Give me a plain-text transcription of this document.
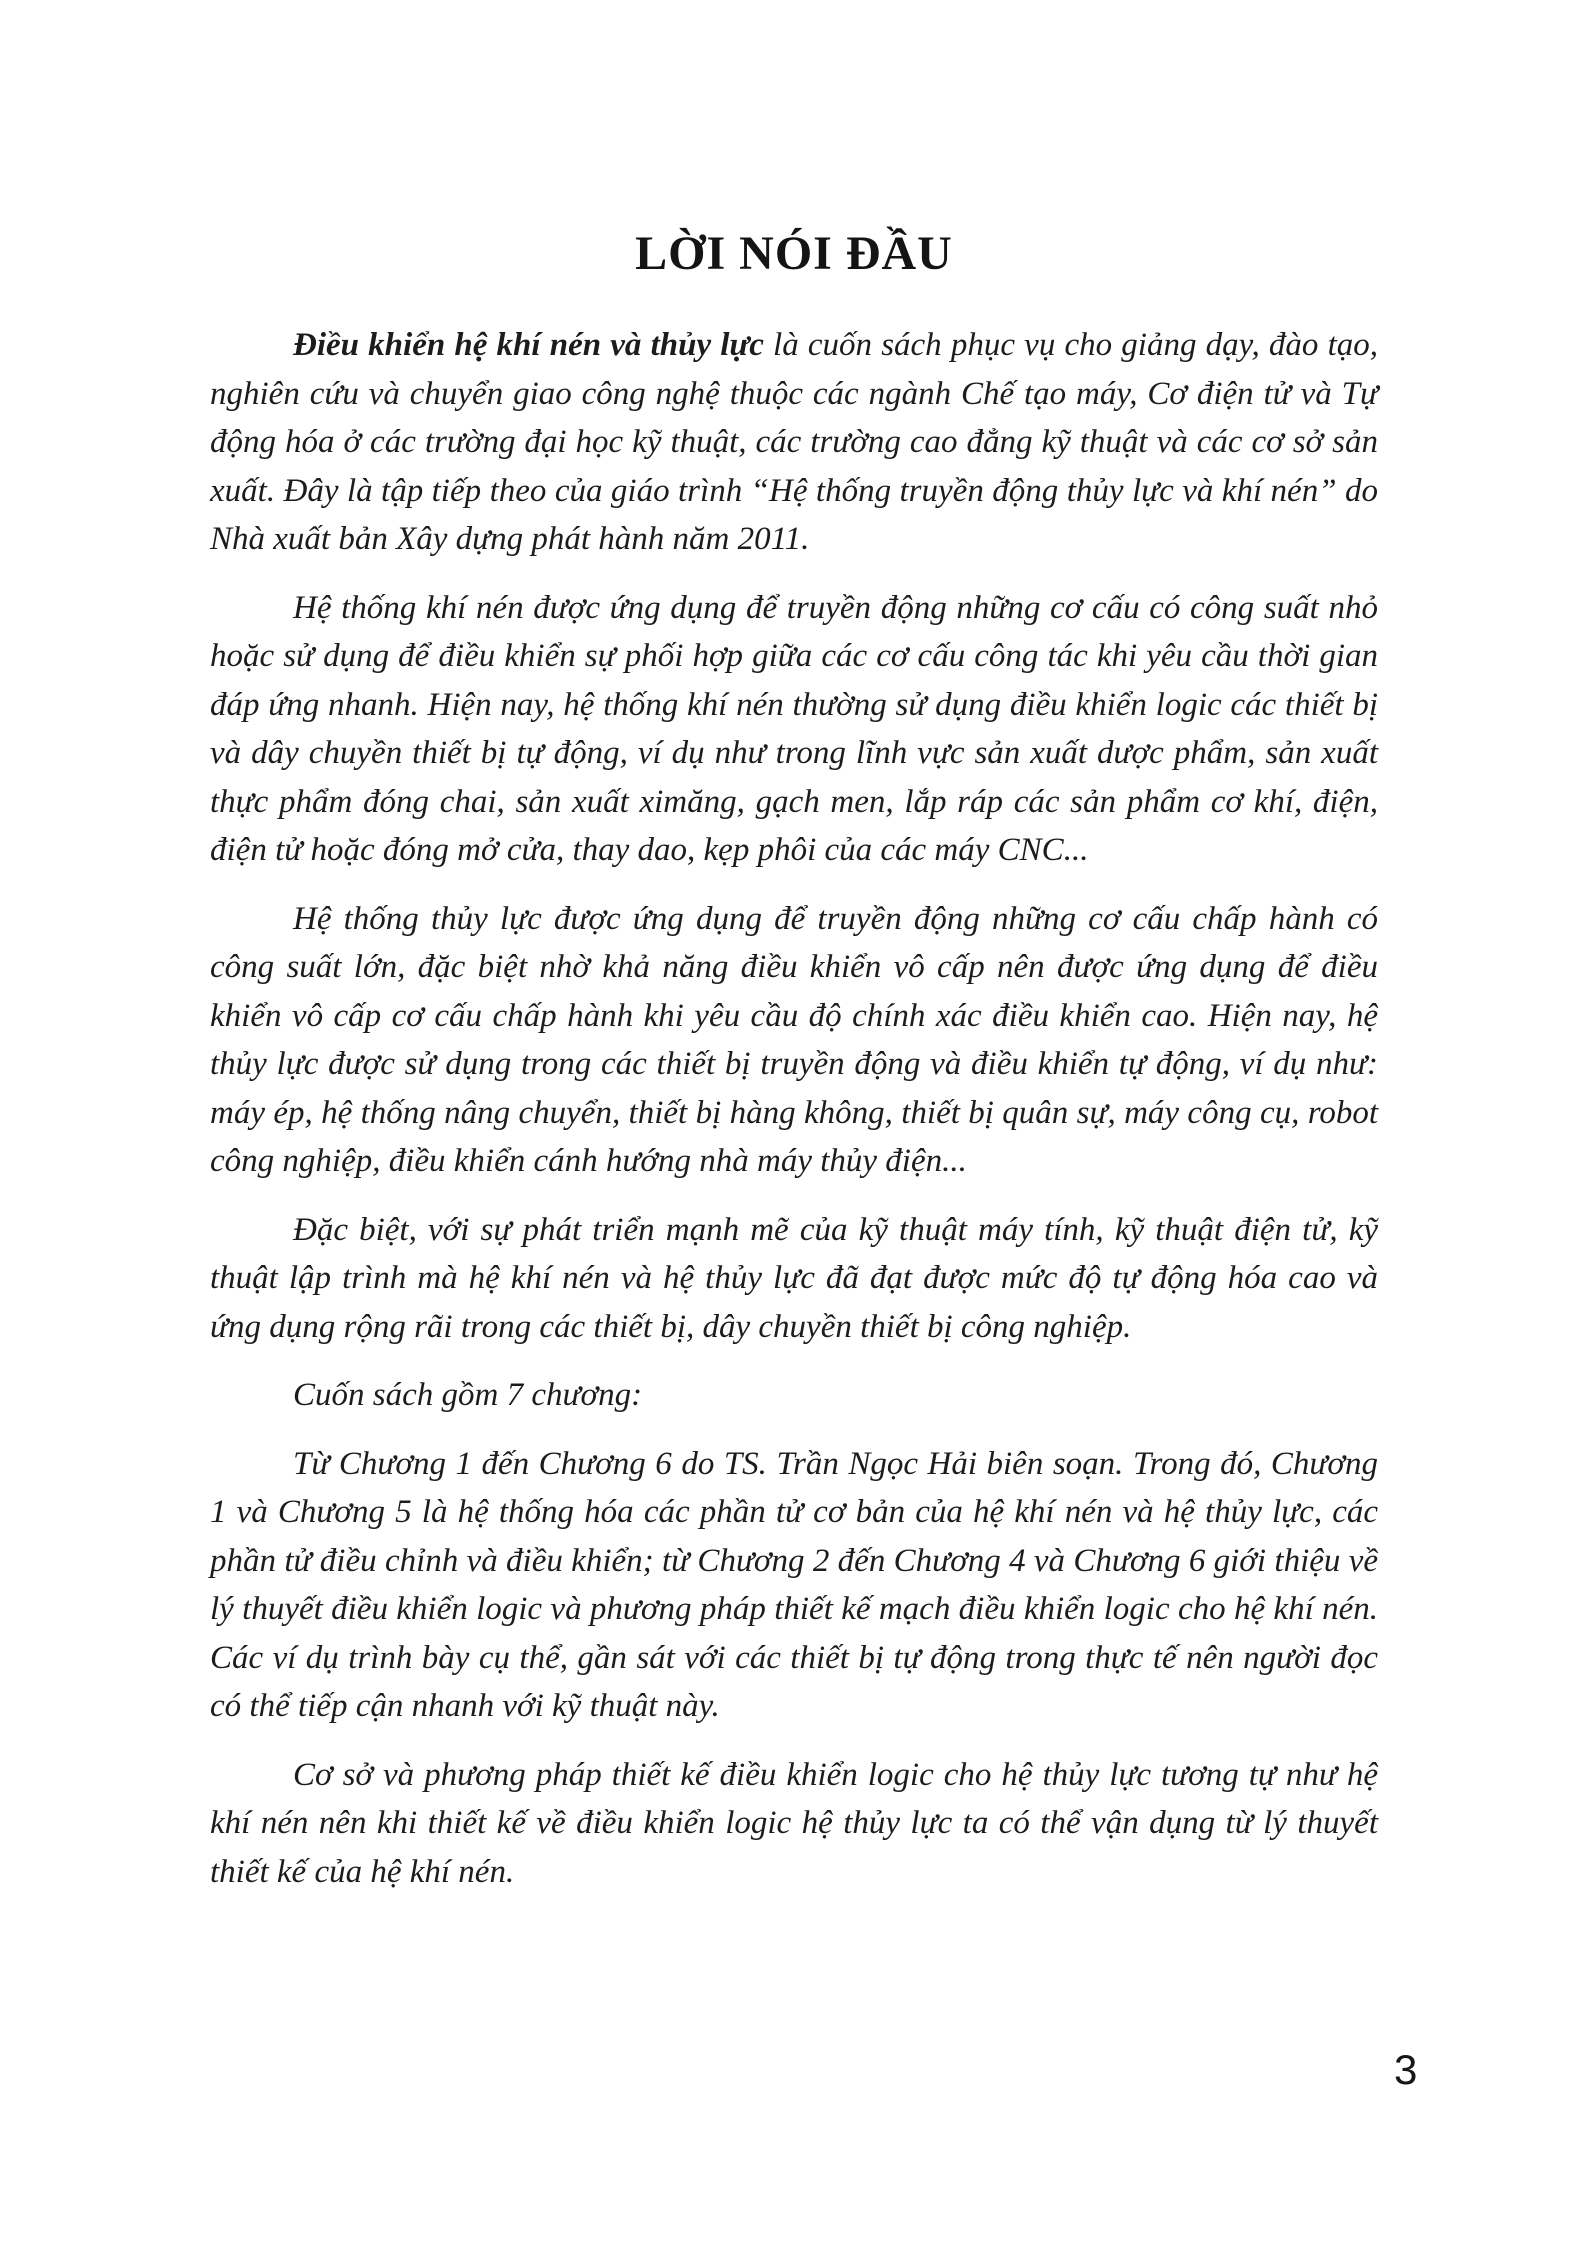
LỜI NÓI ĐẦU

Điều khiển hệ khí nén và thủy lực là cuốn sách phục vụ cho giảng dạy, đào tạo, nghiên cứu và chuyển giao công nghệ thuộc các ngành Chế tạo máy, Cơ điện tử và Tự động hóa ở các trường đại học kỹ thuật, các trường cao đẳng kỹ thuật và các cơ sở sản xuất. Đây là tập tiếp theo của giáo trình “Hệ thống truyền động thủy lực và khí nén” do Nhà xuất bản Xây dựng phát hành năm 2011.

Hệ thống khí nén được ứng dụng để truyền động những cơ cấu có công suất nhỏ hoặc sử dụng để điều khiển sự phối hợp giữa các cơ cấu công tác khi yêu cầu thời gian đáp ứng nhanh. Hiện nay, hệ thống khí nén thường sử dụng điều khiển logic các thiết bị và dây chuyền thiết bị tự động, ví dụ như trong lĩnh vực sản xuất dược phẩm, sản xuất thực phẩm đóng chai, sản xuất ximăng, gạch men, lắp ráp các sản phẩm cơ khí, điện, điện tử hoặc đóng mở cửa, thay dao, kẹp phôi của các máy CNC...

Hệ thống thủy lực được ứng dụng để truyền động những cơ cấu chấp hành có công suất lớn, đặc biệt nhờ khả năng điều khiển vô cấp nên được ứng dụng để điều khiển vô cấp cơ cấu chấp hành khi yêu cầu độ chính xác điều khiển cao. Hiện nay, hệ thủy lực được sử dụng trong các thiết bị truyền động và điều khiển tự động, ví dụ như: máy ép, hệ thống nâng chuyển, thiết bị hàng không, thiết bị quân sự, máy công cụ, robot công nghiệp, điều khiển cánh hướng nhà máy thủy điện...

Đặc biệt, với sự phát triển mạnh mẽ của kỹ thuật máy tính, kỹ thuật điện tử, kỹ thuật lập trình mà hệ khí nén và hệ thủy lực đã đạt được mức độ tự động hóa cao và ứng dụng rộng rãi trong các thiết bị, dây chuyền thiết bị công nghiệp.

Cuốn sách gồm 7 chương:

Từ Chương 1 đến Chương 6 do TS. Trần Ngọc Hải biên soạn. Trong đó, Chương 1 và Chương 5 là hệ thống hóa các phần tử cơ bản của hệ khí nén và hệ thủy lực, các phần tử điều chỉnh và điều khiển; từ Chương 2 đến Chương 4 và Chương 6 giới thiệu về lý thuyết điều khiển logic và phương pháp thiết kế mạch điều khiển logic cho hệ khí nén. Các ví dụ trình bày cụ thể, gần sát với các thiết bị tự động trong thực tế nên người đọc có thể tiếp cận nhanh với kỹ thuật này.

Cơ sở và phương pháp thiết kế điều khiển logic cho hệ thủy lực tương tự như hệ khí nén nên khi thiết kế về điều khiển logic hệ thủy lực ta có thể vận dụng từ lý thuyết thiết kế của hệ khí nén.

3
